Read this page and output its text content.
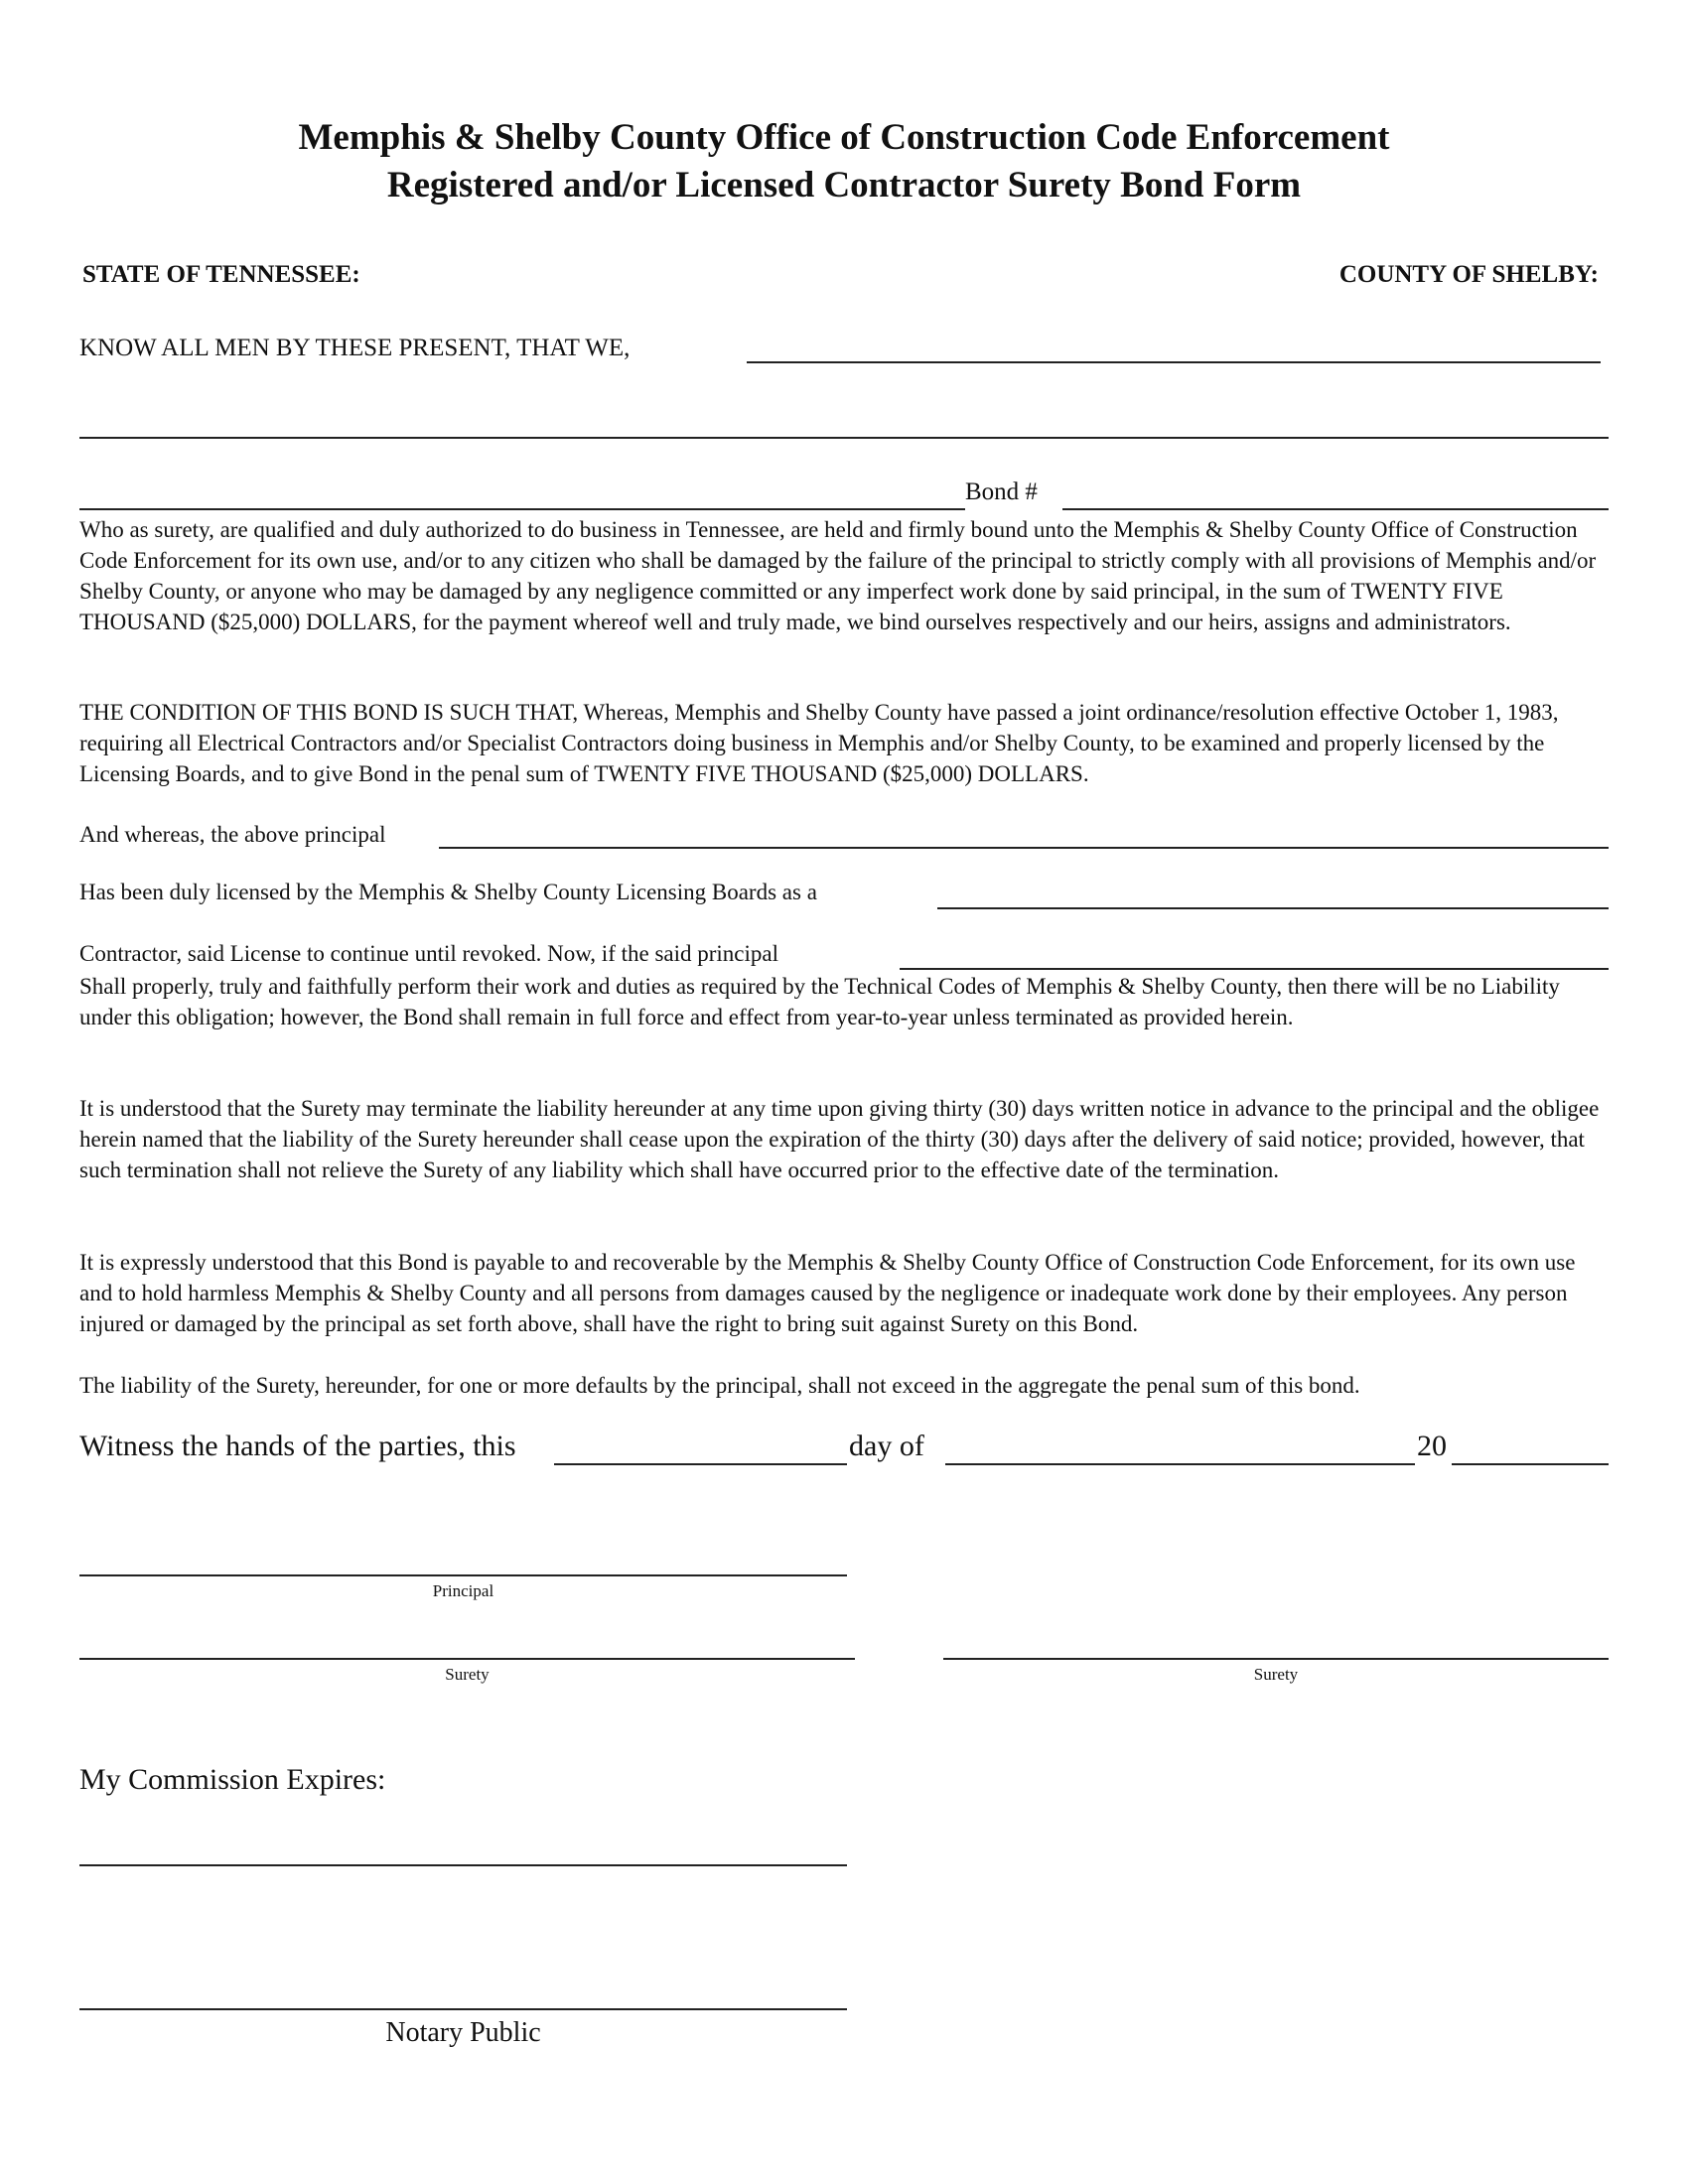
Memphis & Shelby County Office of Construction Code Enforcement
Registered and/or Licensed Contractor Surety Bond Form
STATE OF TENNESSEE:	COUNTY OF SHELBY:
KNOW ALL MEN BY THESE PRESENT, THAT WE,
Bond #

Who as surety, are qualified and duly authorized to do business in Tennessee, are held and firmly bound unto the Memphis & Shelby County Office of Construction Code Enforcement for its own use, and/or to any citizen who shall be damaged by the failure of the principal to strictly comply with all provisions of Memphis and/or Shelby County, or anyone who may be damaged by any negligence committed or any imperfect work done by said principal, in the sum of TWENTY FIVE THOUSAND ($25,000) DOLLARS, for the payment whereof well and truly made, we bind ourselves respectively and our heirs, assigns and administrators.

THE CONDITION OF THIS BOND IS SUCH THAT, Whereas, Memphis and Shelby County have passed a joint ordinance/resolution effective October 1, 1983, requiring all Electrical Contractors and/or Specialist Contractors doing business in Memphis and/or Shelby County, to be examined and properly licensed by the Licensing Boards, and to give Bond in the penal sum of TWENTY FIVE THOUSAND ($25,000) DOLLARS.

And whereas, the above principal
Has been duly licensed by the Memphis & Shelby County Licensing Boards as a
Contractor, said License to continue until revoked. Now, if the said principal

Shall properly, truly and faithfully perform their work and duties as required by the Technical Codes of Memphis & Shelby County, then there will be no Liability under this obligation; however, the Bond shall remain in full force and effect from year-to-year unless terminated as provided herein.

It is understood that the Surety may terminate the liability hereunder at any time upon giving thirty (30) days written notice in advance to the principal and the obligee herein named that the liability of the Surety hereunder shall cease upon the expiration of the thirty (30) days after the delivery of said notice; provided, however, that such termination shall not relieve the Surety of any liability which shall have occurred prior to the effective date of the termination.

It is expressly understood that this Bond is payable to and recoverable by the Memphis & Shelby County Office of Construction Code Enforcement, for its own use and to hold harmless Memphis & Shelby County and all persons from damages caused by the negligence or inadequate work done by their employees. Any person injured or damaged by the principal as set forth above, shall have the right to bring suit against Surety on this Bond.

The liability of the Surety, hereunder, for one or more defaults by the principal, shall not exceed in the aggregate the penal sum of this bond.

Witness the hands of the parties, this	day of	20
Principal
Surety	Surety
My Commission Expires:
Notary Public
